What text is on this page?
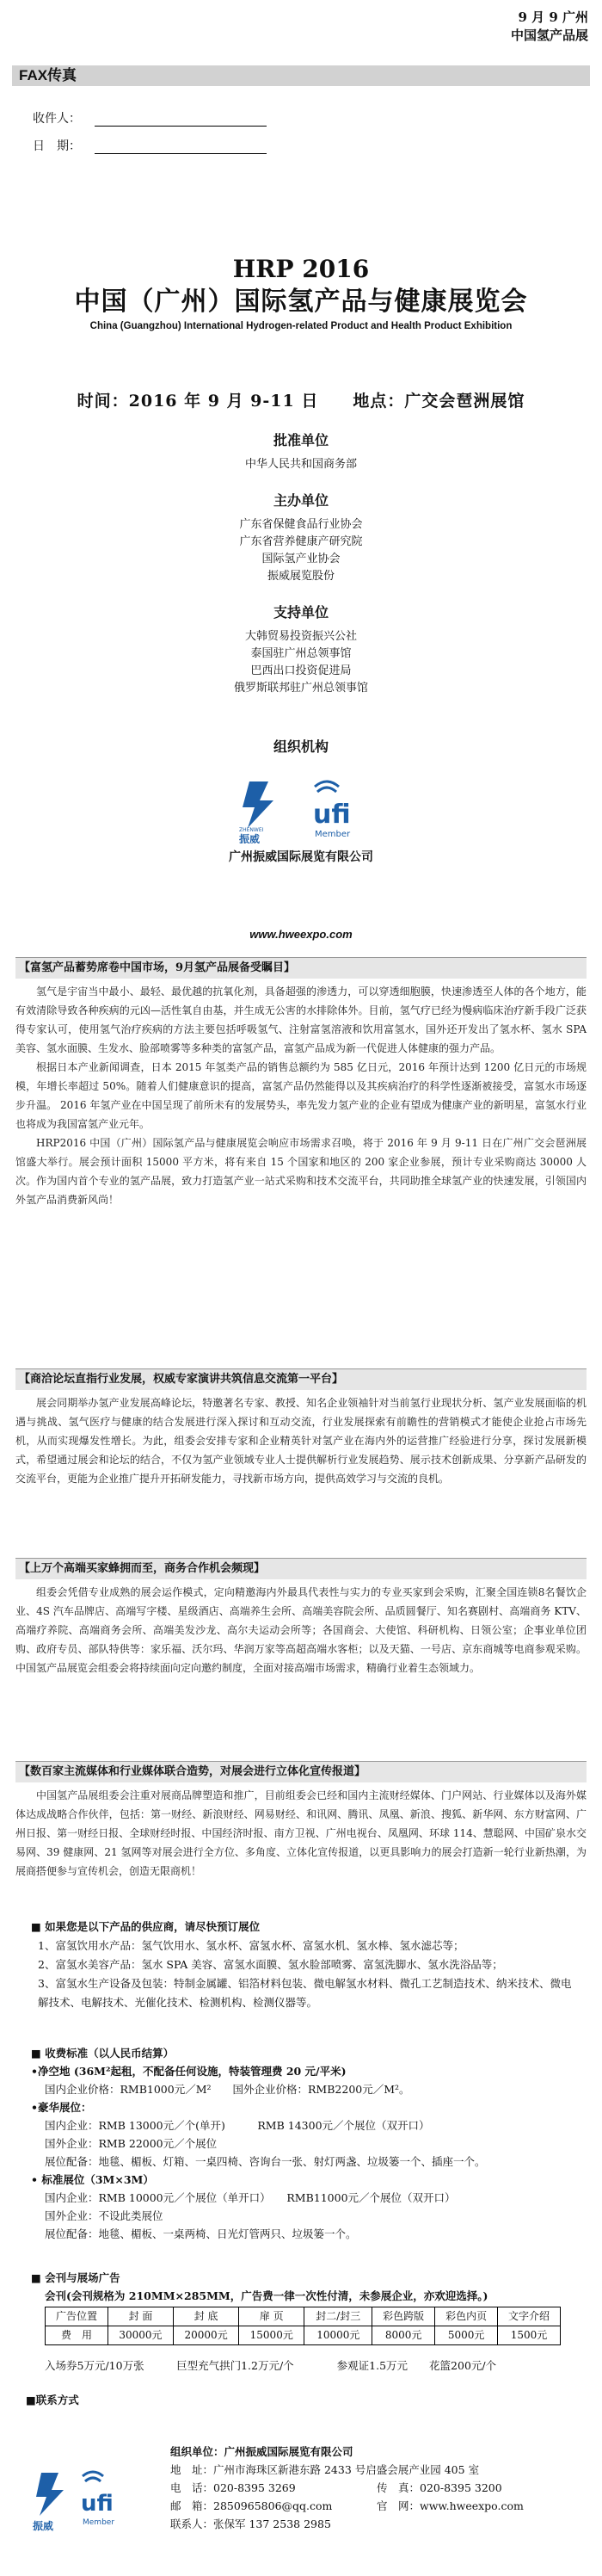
9 月 9 广州
中国氢产品展
FAX传真
收件人：
日　期：
HRP 2016
中国（广州）国际氢产品与健康展览会
China (Guangzhou) International Hydrogen-related Product and Health Product Exhibition
时间：2016 年 9 月 9-11 日　　地点：广交会琶洲展馆
批准单位

中华人民共和国商务部

主办单位

广东省保健食品行业协会

广东省营养健康产研究院

国际氢产业协会

振威展览股份

支持单位

大韩贸易投资振兴公社

泰国驻广州总领事馆

巴西出口投资促进局

俄罗斯联邦驻广州总领事馆

组织机构
ZHENWEI
振威
ufi
Member
广州振威国际展览有限公司
www.hweexpo.com
【富氢产品蓄势席卷中国市场，9月氢产品展备受瞩目】

氢气是宇宙当中最小、最轻、最优越的抗氧化剂，具备超强的渗透力，可以穿透细胞膜，快速渗透至人体的各个地方，能有效清除导致各种疾病的元凶—活性氧自由基，并生成无公害的水排除体外。目前，氢气疗已经为慢病临床治疗新手段广泛获得专家认可，使用氢气治疗疾病的方法主要包括呼吸氢气、注射富氢溶液和饮用富氢水，国外还开发出了氢水杯、氢水 SPA 美容、氢水面膜、生发水、脸部喷雾等多种类的富氢产品，富氢产品成为新一代促进人体健康的强力产品。

根据日本产业新闻调查，日本 2015 年氢类产品的销售总额约为 585 亿日元，2016 年预计达到 1200 亿日元的市场规模，年增长率超过 50%。随着人们健康意识的提高，富氢产品仍然能得以及其疾病治疗的科学性逐渐被接受，富氢水市场逐步升温。 2016 年氢产业在中国呈现了前所未有的发展势头，率先发力氢产业的企业有望成为健康产业的新明星，富氢水行业也将成为我国富氢产业元年。

HRP2016 中国（广州）国际氢产品与健康展览会响应市场需求召唤，将于 2016 年 9 月 9-11 日在广州广交会琶洲展馆盛大举行。展会预计面积 15000 平方米，将有来自 15 个国家和地区的 200 家企业参展，预计专业采购商达 30000 人次。作为国内首个专业的氢产品展，致力打造氢产业一站式采购和技术交流平台，共同助推全球氢产业的快速发展，引领国内外氢产品消费新风尚！

【商洽论坛直指行业发展，权威专家演讲共筑信息交流第一平台】

展会同期举办氢产业发展高峰论坛，特邀著名专家、教授、知名企业领袖针对当前氢行业现状分析、氢产业发展面临的机遇与挑战、氢气医疗与健康的结合发展进行深入探讨和互动交流，行业发展探索有前瞻性的营销模式才能使企业抢占市场先机，从而实现爆发性增长。为此，组委会安排专家和企业精英针对氢产业在海内外的运营推广经验进行分享，探讨发展新模式，希望通过展会和论坛的结合，不仅为氢产业领域专业人士提供解析行业发展趋势、展示技术创新成果、分享新产品研发的交流平台，更能为企业推广提升开拓研发能力，寻找新市场方向，提供高效学习与交流的良机。

【上万个高端买家蜂拥而至，商务合作机会频现】

组委会凭借专业成熟的展会运作模式，定向精邀海内外最具代表性与实力的专业买家到会采购，汇聚全国连锁8名餐饮企业、4S 汽车品牌店、高端写字楼、星级酒店、高端养生会所、高端美容院会所、品质圆餐厅、知名赛剧村、高端商务 KTV、高端疗养院、高端商务会所、高端美发沙龙、高尔夫运动会所等；各国商会、大使馆、科研机构、日领公室；企事业单位团购、政府专员、部队特供等：家乐福、沃尔玛、华润万家等高超高端水客柜；以及天猫、一号店、京东商城等电商参观采购。中国氢产品展览会组委会将持续面向定向邀约制度，全面对接高端市场需求，精确行业着生态领域力。

【数百家主流媒体和行业媒体联合造势，对展会进行立体化宣传报道】

中国氢产品展组委会注重对展商品牌塑造和推广，目前组委会已经和国内主流财经媒体、门户网站、行业媒体以及海外媒体达成战略合作伙伴，包括：第一财经、新浪财经、网易财经、和讯网、腾讯、凤凰、新浪、搜狐、新华网、东方财富网、广州日报、第一财经日报、全球财经时报、中国经济时报、南方卫视、广州电视台、凤凰网、环球 114、慧聪网、中国矿泉水交易网、39 健康网、21 氢网等对展会进行全方位、多角度、立体化宣传报道，以更具影响力的展会打造新一轮行业新热潮，为展商搭便参与宣传机会，创造无限商机！

■ 如果您是以下产品的供应商，请尽快预订展位

1、富氢饮用水产品：氢气饮用水、氢水杯、富氢水杯、富氢水机、氢水棒、氢水滤芯等；

2、富氢水美容产品：氢水 SPA 美容、富氢水面膜、氢水脸部喷雾、富氢洗脚水、氢水洗浴品等；

3、富氢水生产设备及包装：特制金属罐、铝箔材料包装、微电解氢水材料、微孔工艺制造技术、纳米技术、微电解技术、电解技术、光催化技术、检测机构、检测仪器等。

■ 收费标准（以人民币结算）
•净空地 (36M²起租，不配备任何设施，特装管理费 20 元/平米)
国内企业价格：RMB1000元／M²　　国外企业价格：RMB2200元／M²。
•豪华展位：
国内企业：RMB 13000元／个(单开)　　　RMB 14300元／个展位（双开口）
国外企业：RMB 22000元／个展位
展位配备：地毯、楣板、灯箱、一桌四椅、咨询台一张、射灯两盏、垃圾篓一个、插座一个。
• 标准展位（3M×3M）
国内企业：RMB 10000元／个展位（单开口）　　RMB11000元／个展位（双开口）
国外企业：不设此类展位
展位配备：地毯、楣板、一桌两椅、日光灯管两只、垃圾篓一个。
■ 会刊与展场广告
会刊(会刊规格为 210MM×285MM，广告费一律一次性付清，未参展企业，亦欢迎选择。)
广告位置	封 面	封 底	扉 页	封二/封三	彩色跨版	彩色内页	文字介绍
费　用	30000元	20000元	15000元	10000元	8000元	5000元	1500元
入场券5万元/10万张　　　巨型充气拱门1.2万元/个　　　　参观证1.5万元　　花篮200元/个
■联系方式
振威
ufi
Member
组织单位：广州振威国际展览有限公司
地　址：广州市海珠区新港东路 2433 号启盛会展产业园 405 室
电　话：020-8395 3269	传　真：020-8395 3200
邮　箱：2850965806@qq.com	官　网：www.hweexpo.com
联系人：张保军 137 2538 2985
